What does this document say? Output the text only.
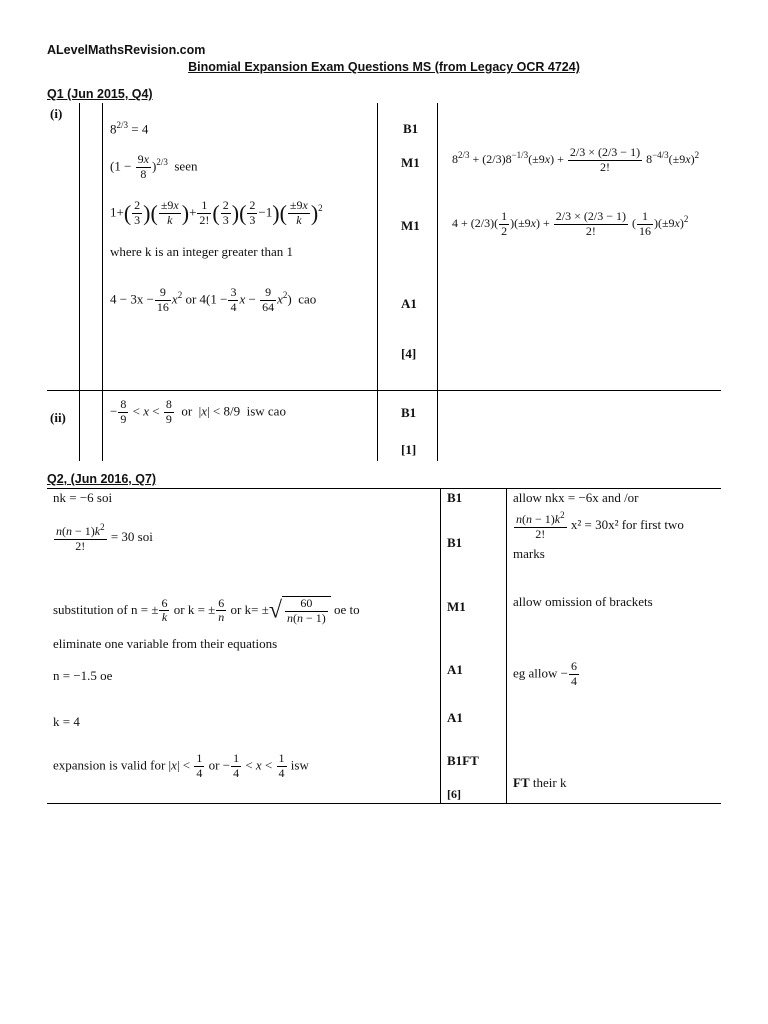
ALevelMathsRevision.com
Binomial Expansion Exam Questions MS (from Legacy OCR 4724)
Q1 (Jun 2015, Q4)
(i)
(ii)
$8^{2/3} = 4$
$(1 - \frac{9x}{8} )^{2/3}$ seen
$1+( \frac{2}{3}$ )( $\frac{\pm 9x}{k}$ )+ $\frac{1}{2!}$ ( $\frac{2}{3}$ )( $\frac{2}{3} -1)( \frac{\pm 9x}{k} )^2$
where k is an integer greater than 1
$4 - 3x - \frac{9}{16} x^2$ or $4(1 - \frac{3}{4}$ $x - \frac{9}{64} x^2$)  cao
− $\frac{8}{9} < x < \frac{8}{9}$ or  |x| < 8/9  isw cao
B1
M1
M1
A1
[4]
B1
[1]
$8^{2/3} + (2/3)8^{-1/3}(\pm 9x) + \frac{2/3 \times (2/3 - 1)}{2!} 8^{-4/3}(\pm 9x)^2$
$4 + (2/3)( \frac{1}{2} )(\pm 9x) + \frac{2/3 \times (2/3 - 1)}{2!}$ ( $\frac{1}{16} )(\pm 9x)^2$
Q2, (Jun 2016, Q7)
nk = −6 soi
$\frac{n(n - 1)k^2}{2!} = 30$ soi
substitution of n = ± $\frac{6}{k}$ or k = ± $\frac{6}{n}$ or k= ±√ $\frac{60}{n(n - 1)}$ oe to
eliminate one variable from their equations
n = −1.5 oe
k = 4
expansion is valid for $|x| < \frac{1}{4}$ or − $\frac{1}{4} < x < \frac{1}{4}$ isw
B1
B1
M1
A1
A1
B1FT
[6]
allow nkx = −6x and /or
$\frac{n(n - 1)k^2}{2!} x^2 = 30x^2$ for first two
marks
allow omission of brackets
eg allow − $\frac{6}{4}$
FT their k
